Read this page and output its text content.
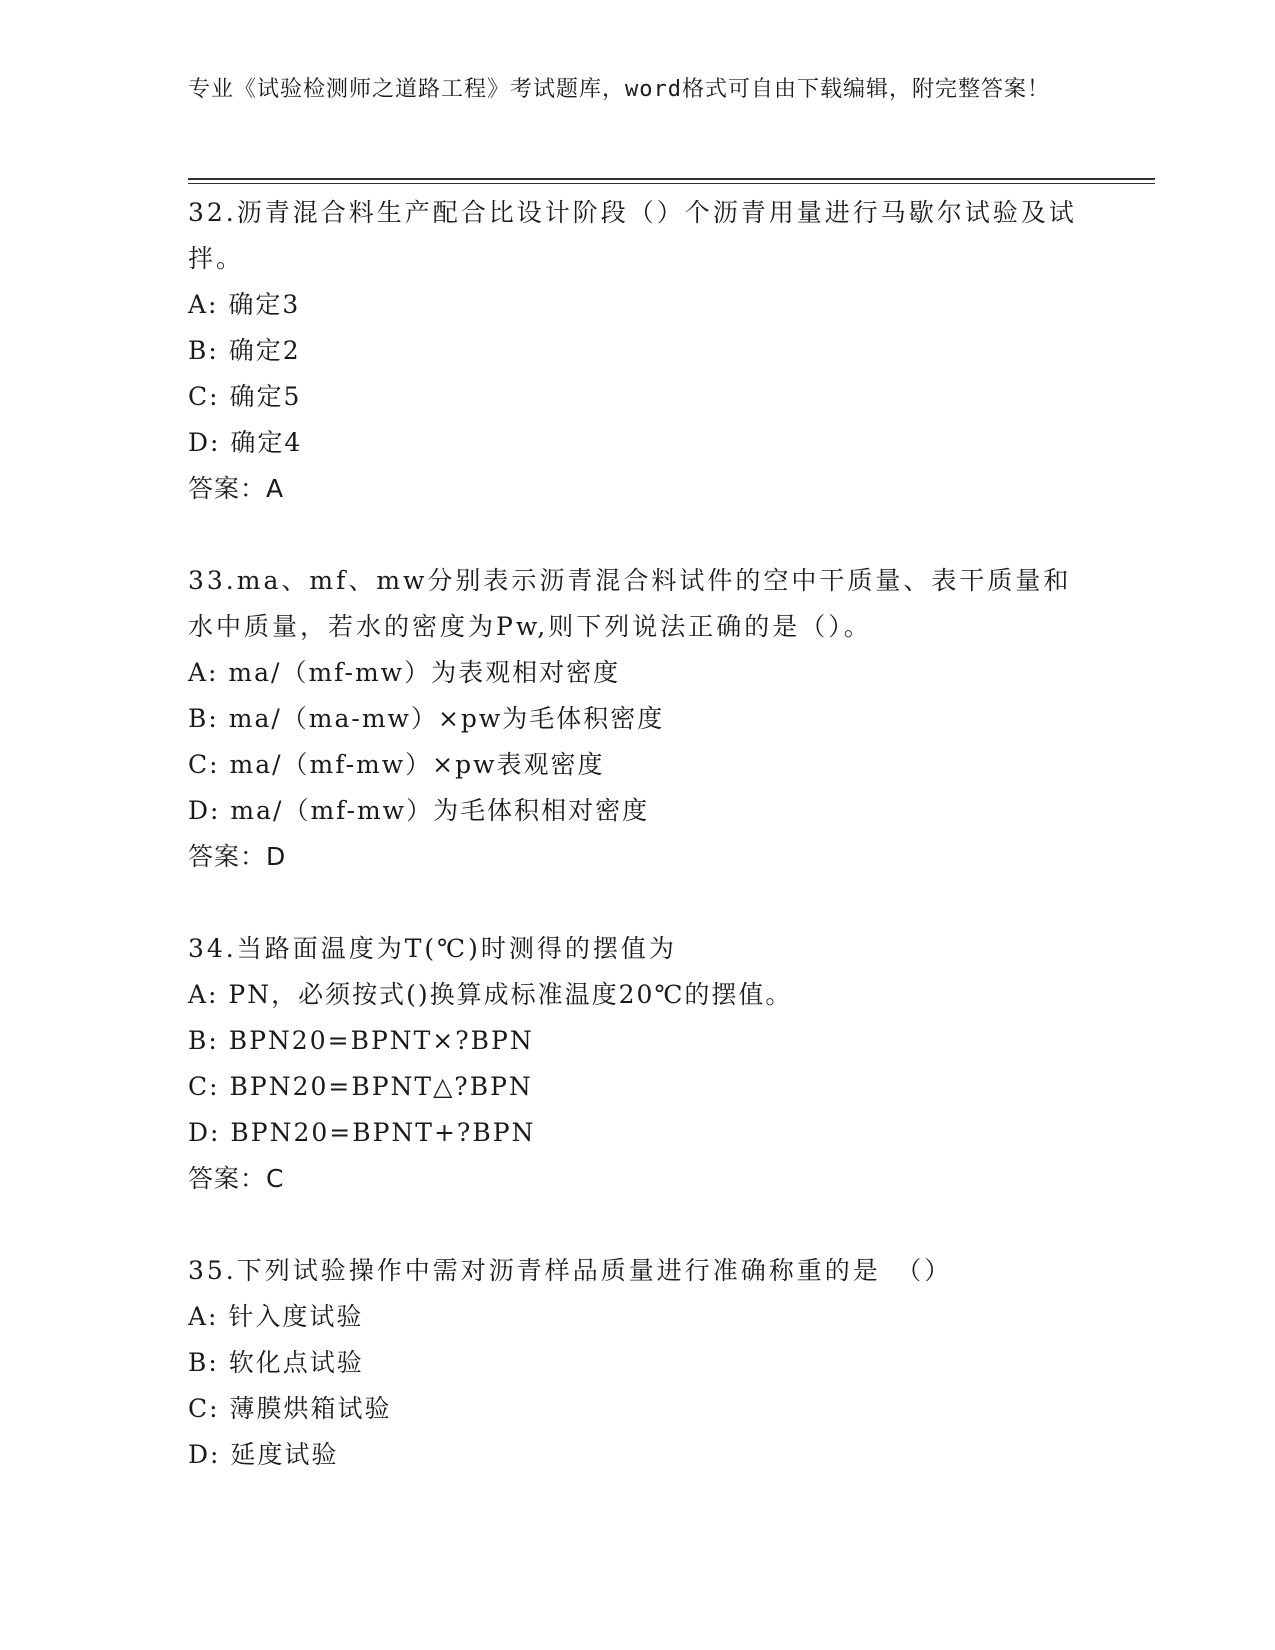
专业《试验检测师之道路工程》考试题库，word格式可自由下载编辑，附完整答案！
32.沥青混合料生产配合比设计阶段（）个沥青用量进行马歇尔试验及试拌。
A: 确定3
B: 确定2
C: 确定5
D: 确定4
答案：A
33.ma、mf、mw分别表示沥青混合料试件的空中干质量、表干质量和水中质量，若水的密度为Pw,则下列说法正确的是（）。
A: ma/（mf-mw）为表观相对密度
B: ma/（ma-mw）×pw为毛体积密度
C: ma/（mf-mw）×pw表观密度
D: ma/（mf-mw）为毛体积相对密度
答案：D
34.当路面温度为T(℃)时测得的摆值为
A: PN，必须按式()换算成标准温度20℃的摆值。
B: BPN20=BPNT×?BPN
C: BPN20=BPNT△?BPN
D: BPN20=BPNT+?BPN
答案：C
35.下列试验操作中需对沥青样品质量进行准确称重的是　（）
A: 针入度试验
B: 软化点试验
C: 薄膜烘箱试验
D: 延度试验
